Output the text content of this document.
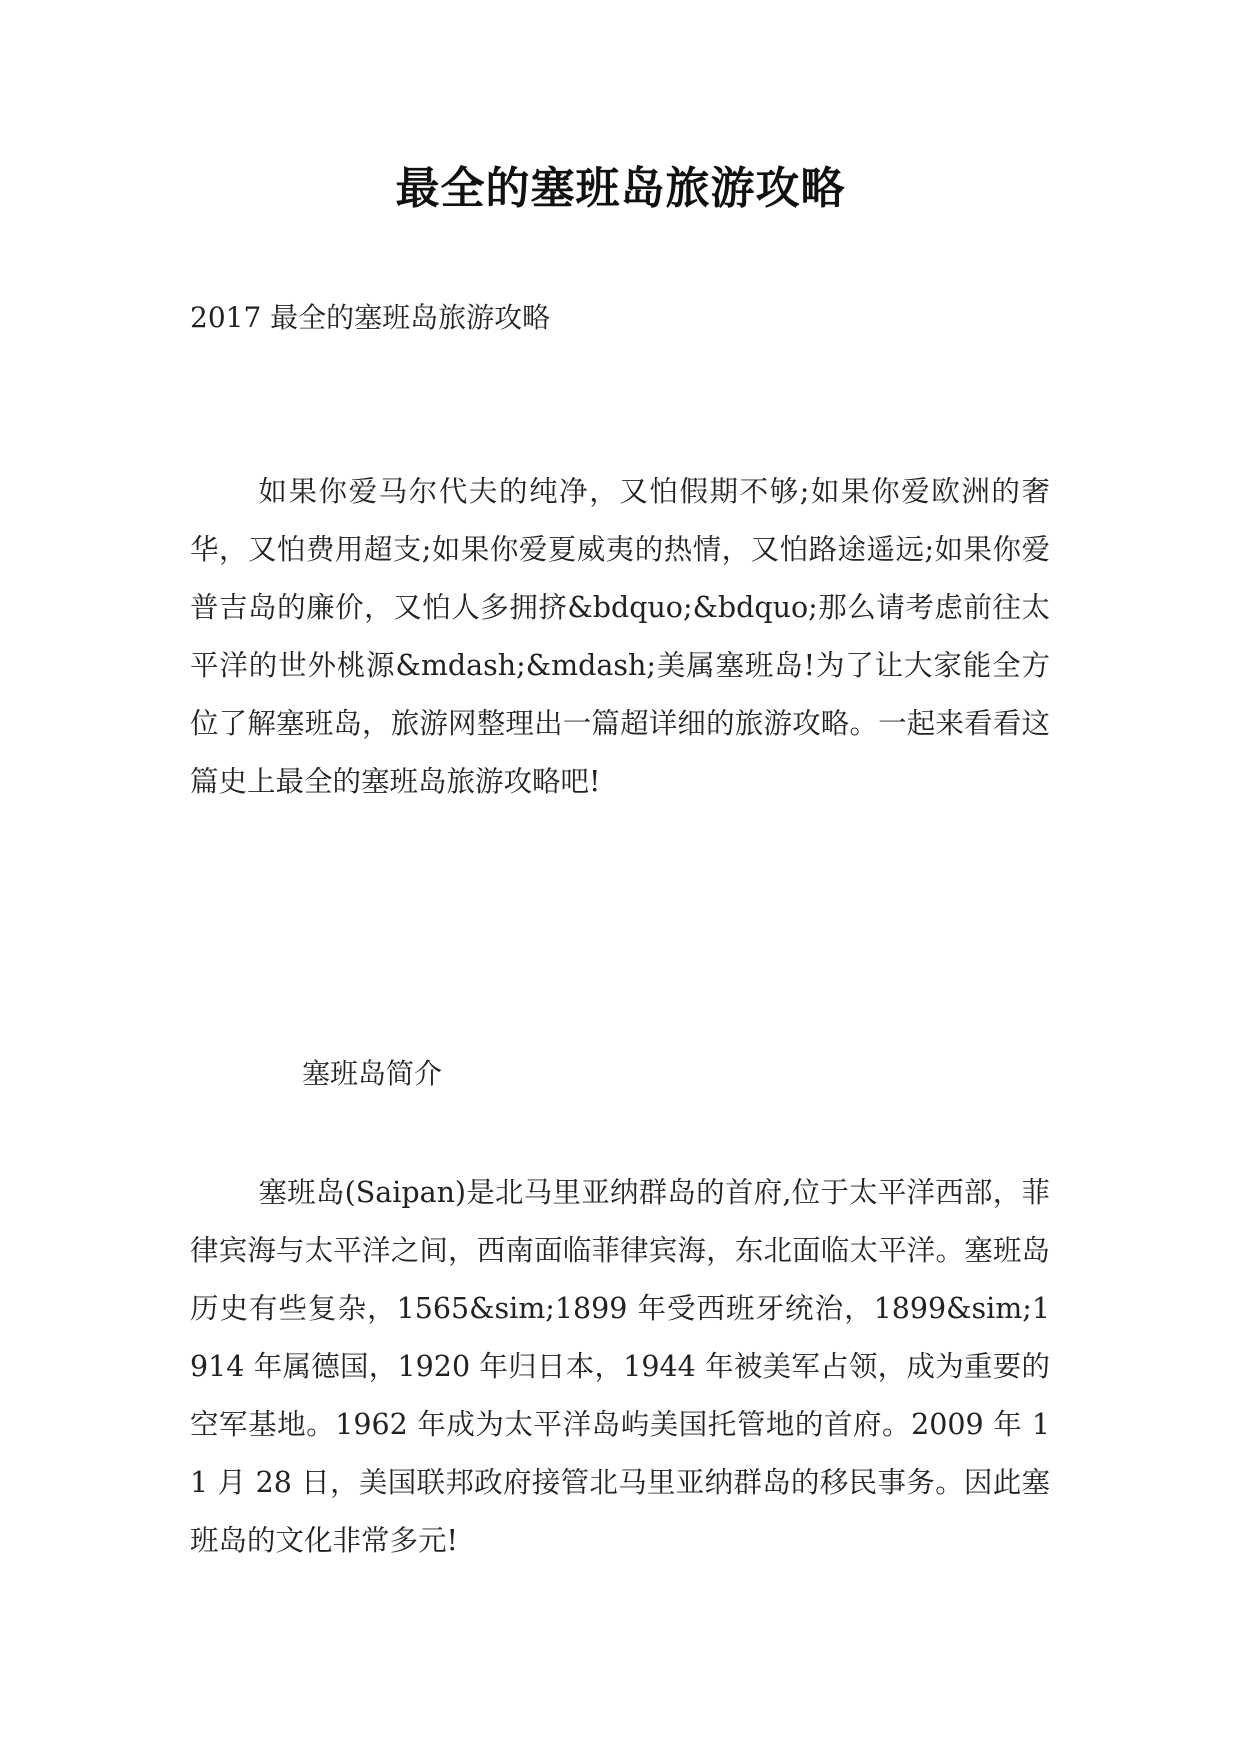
最全的塞班岛旅游攻略
2017 最全的塞班岛旅游攻略
如果你爱马尔代夫的纯净，又怕假期不够;如果你爱欧洲的奢华，又怕费用超支;如果你爱夏威夷的热情，又怕路途遥远;如果你爱普吉岛的廉价，又怕人多拥挤&bdquo;&bdquo;那么请考虑前往太平洋的世外桃源&mdash;&mdash;美属塞班岛!为了让大家能全方位了解塞班岛，旅游网整理出一篇超详细的旅游攻略。一起来看看这篇史上最全的塞班岛旅游攻略吧!
塞班岛简介
塞班岛(Saipan)是北马里亚纳群岛的首府,位于太平洋西部，菲律宾海与太平洋之间，西南面临菲律宾海，东北面临太平洋。塞班岛历史有些复杂，1565&sim;1899 年受西班牙统治，1899&sim;1914 年属德国，1920 年归日本，1944 年被美军占领，成为重要的空军基地。1962 年成为太平洋岛屿美国托管地的首府。2009 年 11 月 28 日，美国联邦政府接管北马里亚纳群岛的移民事务。因此塞班岛的文化非常多元!
